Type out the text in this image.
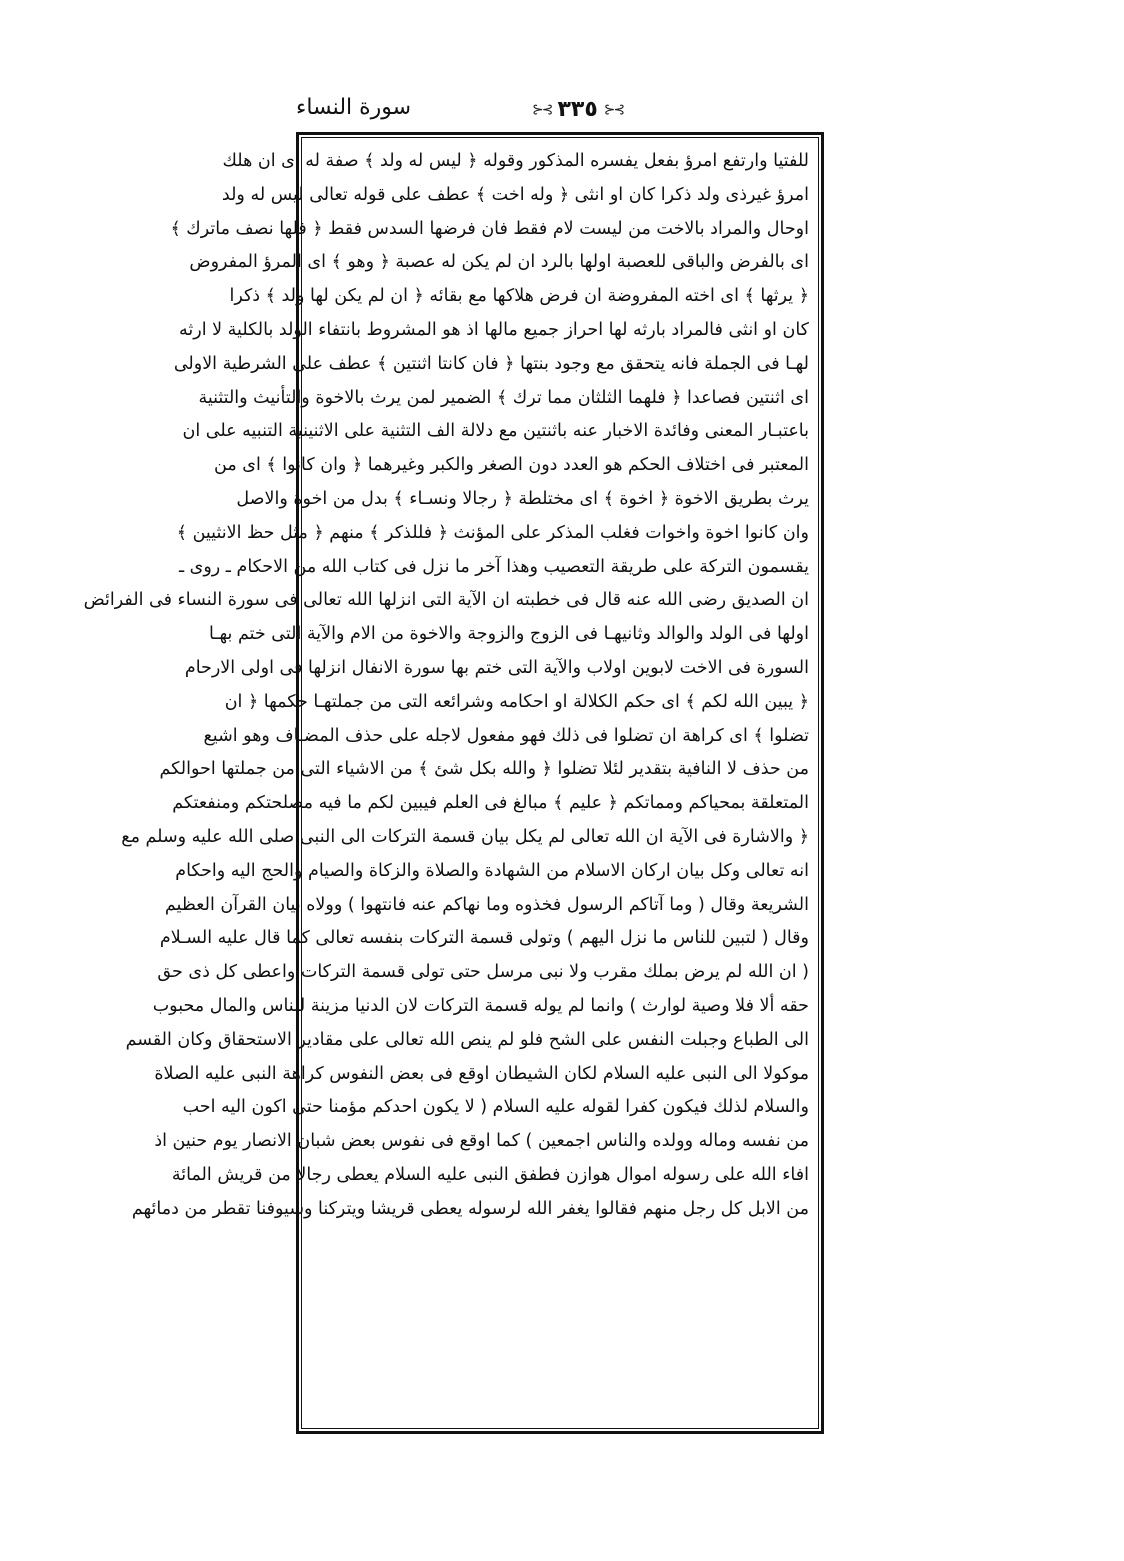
سورة النساء	⊱⊰ ٣٣٥ ⊱⊰
للفتيا وارتفع امرؤ بفعل يفسره المذكور وقوله ﴿ ليس له ولد ﴾ صفة له اى ان هلك
امرؤ غيرذى ولد ذكرا كان او انثى ﴿ وله اخت ﴾ عطف على قوله تعالى ليس له ولد
اوحال والمراد بالاخت من ليست لام فقط فان فرضها السدس فقط ﴿ فلها نصف ماترك ﴾
اى بالفرض والباقى للعصبة اولها بالرد ان لم يكن له عصبة ﴿ وهو ﴾ اى المرؤ المفروض
﴿ يرثها ﴾ اى اخته المفروضة ان فرض هلاكها مع بقائه ﴿ ان لم يكن لها ولد ﴾ ذكرا
كان او انثى فالمراد بارثه لها احراز جميع مالها اذ هو المشروط بانتفاء الولد بالكلية لا ارثه
لهـا فى الجملة فانه يتحقق مع وجود بنتها ﴿ فان كانتا اثنتين ﴾ عطف على الشرطية الاولى
اى اثنتين فصاعدا ﴿ فلهما الثلثان مما ترك ﴾ الضمير لمن يرث بالاخوة والتأنيث والتثنية
باعتبـار المعنى وفائدة الاخبار عنه باثنتين مع دلالة الف التثنية على الاثنينية التنبيه على ان
المعتبر فى اختلاف الحكم هو العدد دون الصغر والكبر وغيرهما ﴿ وان كانوا ﴾ اى من
يرث بطريق الاخوة ﴿ اخوة ﴾ اى مختلطة ﴿ رجالا ونسـاء ﴾ بدل من اخوة والاصل
وان كانوا اخوة واخوات فغلب المذكر على المؤنث ﴿ فللذكر ﴾ منهم ﴿ مثل حظ الانثيين ﴾
يقسمون التركة على طريقة التعصيب وهذا آخر ما نزل فى كتاب الله من الاحكام ـ روى ـ
ان الصديق رضى الله عنه قال فى خطبته ان الآية التى انزلها الله تعالى فى سورة النساء فى الفرائض
اولها فى الولد والوالد وثانيهـا فى الزوج والزوجة والاخوة من الام والآية التى ختم بهـا
السورة فى الاخت لابوين اولاب والآية التى ختم بها سورة الانفال انزلها فى اولى الارحام
﴿ يبين الله لكم ﴾ اى حكم الكلالة او احكامه وشرائعه التى من جملتهـا حكمها ﴿ ان
تضلوا ﴾ اى كراهة ان تضلوا فى ذلك فهو مفعول لاجله على حذف المضـاف وهو اشيع
من حذف لا النافية بتقدير لئلا تضلوا ﴿ والله بكل شئ ﴾ من الاشياء التى من جملتها احوالكم
المتعلقة بمحياكم ومماتكم ﴿ عليم ﴾ مبالغ فى العلم فيبين لكم ما فيه مصلحتكم ومنفعتكم
﴿ والاشارة فى الآية ان الله تعالى لم يكل بيان قسمة التركات الى النبى صلى الله عليه وسلم مع
انه تعالى وكل بيان اركان الاسلام من الشهادة والصلاة والزكاة والصيام والحج اليه واحكام
الشريعة وقال ( وما آتاكم الرسول فخذوه وما نهاكم عنه فانتهوا ) وولاه بيان القرآن العظيم
وقال ( لتبين للناس ما نزل اليهم ) وتولى قسمة التركات بنفسه تعالى كما قال عليه السـلام
( ان الله لم يرض بملك مقرب ولا نبى مرسل حتى تولى قسمة التركات واعطى كل ذى حق
حقه ألا فلا وصية لوارث ) وانما لم يوله قسمة التركات لان الدنيا مزينة للناس والمال محبوب
الى الطباع وجبلت النفس على الشح فلو لم ينص الله تعالى على مقادير الاستحقاق وكان القسم
موكولا الى النبى عليه السلام لكان الشيطان اوقع فى بعض النفوس كراهة النبى عليه الصلاة
والسلام لذلك فيكون كفرا لقوله عليه السلام ( لا يكون احدكم مؤمنا حتى اكون اليه احب
من نفسه وماله وولده والناس اجمعين ) كما اوقع فى نفوس بعض شبان الانصار يوم حنين اذ
افاء الله على رسوله اموال هوازن فطفق النبى عليه السلام يعطى رجالا من قريش المائة
من الابل كل رجل منهم فقالوا يغفر الله لرسوله يعطى قريشا ويتركنا وسيوفنا تقطر من دمائهم
